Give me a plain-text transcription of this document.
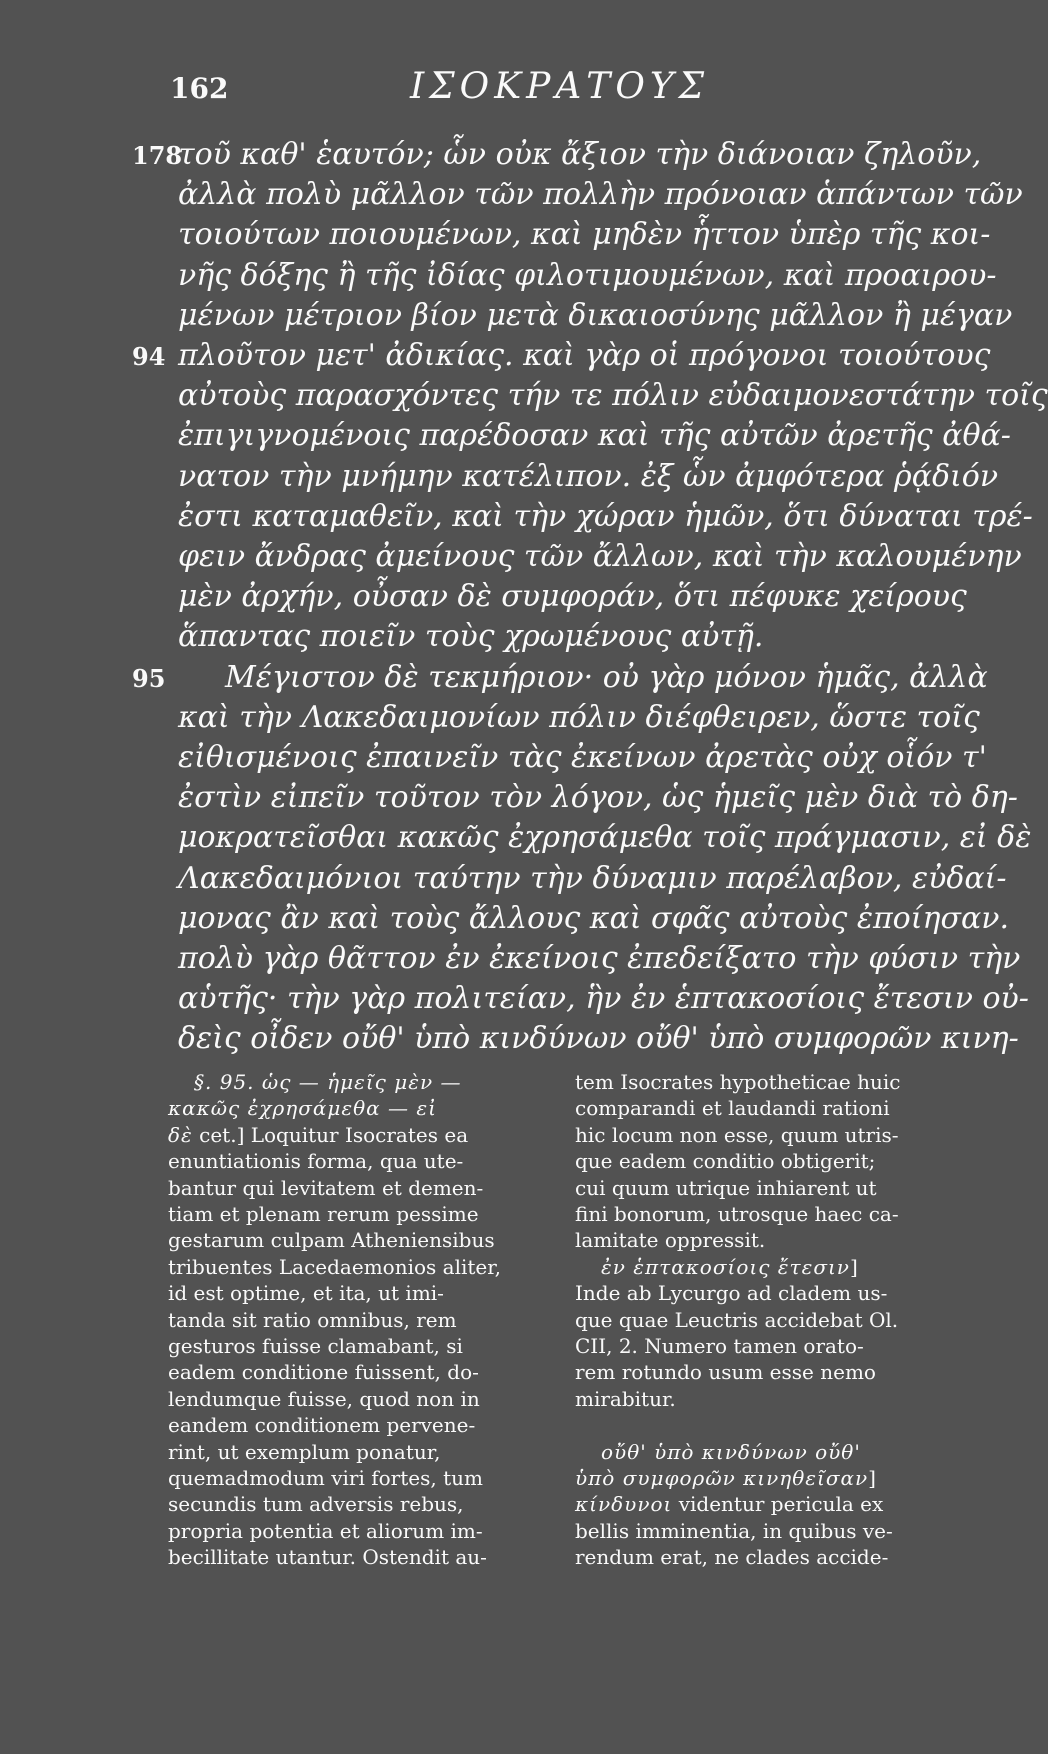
162	ΙΣΟΚΡΑΤΟΥΣ
178
τοῦ καθ' ἑαυτόν; ὧν οὐκ ἄξιον τὴν διάνοιαν ζηλοῦν,
ἀλλὰ πολὺ μᾶλλον τῶν πολλὴν πρόνοιαν ἁπάντων τῶν
τοιούτων ποιουμένων, καὶ μηδὲν ἧττον ὑπὲρ τῆς κοι-
νῆς δόξης ἢ τῆς ἰδίας φιλοτιμουμένων, καὶ προαιρου-
μένων μέτριον βίον μετὰ δικαιοσύνης μᾶλλον ἢ μέγαν
94 πλοῦτον μετ' ἀδικίας. καὶ γὰρ οἱ πρόγονοι τοιούτους
αὐτοὺς παρασχόντες τήν τε πόλιν εὐδαιμονεστάτην τοῖς
ἐπιγιγνομένοις παρέδοσαν καὶ τῆς αὐτῶν ἀρετῆς ἀθά-
νατον τὴν μνήμην κατέλιπον. ἐξ ὧν ἀμφότερα ῥᾴδιόν
ἐστι καταμαθεῖν, καὶ τὴν χώραν ἡμῶν, ὅτι δύναται τρέ-
φειν ἄνδρας ἀμείνους τῶν ἄλλων, καὶ τὴν καλουμένην
μὲν ἀρχήν, οὖσαν δὲ συμφοράν, ὅτι πέφυκε χείρους
ἅπαντας ποιεῖν τοὺς χρωμένους αὐτῇ.
95 Μέγιστον δὲ τεκμήριον· οὐ γὰρ μόνον ἡμᾶς, ἀλλὰ
καὶ τὴν Λακεδαιμονίων πόλιν διέφθειρεν, ὥστε τοῖς
εἰθισμένοις ἐπαινεῖν τὰς ἐκείνων ἀρετὰς οὐχ οἷόν τ'
ἐστὶν εἰπεῖν τοῦτον τὸν λόγον, ὡς ἡμεῖς μὲν διὰ τὸ δη-
μοκρατεῖσθαι κακῶς ἐχρησάμεθα τοῖς πράγμασιν, εἰ δὲ
Λακεδαιμόνιοι ταύτην τὴν δύναμιν παρέλαβον, εὐδαί-
μονας ἂν καὶ τοὺς ἄλλους καὶ σφᾶς αὐτοὺς ἐποίησαν.
πολὺ γὰρ θᾶττον ἐν ἐκείνοις ἐπεδείξατο τὴν φύσιν τὴν
αὑτῆς· τὴν γὰρ πολιτείαν, ἣν ἐν ἑπτακοσίοις ἔτεσιν οὐ-
δεὶς οἶδεν οὔθ' ὑπὸ κινδύνων οὔθ' ὑπὸ συμφορῶν κινη-
§. 95. ὡς — ἡμεῖς μὲν —
κακῶς ἐχρησάμεθα — εἰ
δὲ cet.] Loquitur Isocrates ea
enuntiationis forma, qua ute-
bantur qui levitatem et demen-
tiam et plenam rerum pessime
gestarum culpam Atheniensibus
tribuentes Lacedaemonios aliter,
id est optime, et ita, ut imi-
tanda sit ratio omnibus, rem
gesturos fuisse clamabant, si
eadem conditione fuissent, do-
lendumque fuisse, quod non in
eandem conditionem pervene-
rint, ut exemplum ponatur,
quemadmodum viri fortes, tum
secundis tum adversis rebus,
propria potentia et aliorum im-
becillitate utantur. Ostendit au-
tem Isocrates hypotheticae huic
comparandi et laudandi rationi
hic locum non esse, quum utris-
que eadem conditio obtigerit;
cui quum utrique inhiarent ut
fini bonorum, utrosque haec ca-
lamitate oppressit.
ἐν ἑπτακοσίοις ἔτεσιν]
Inde ab Lycurgo ad cladem us-
que quae Leuctris accidebat Ol.
CII, 2. Numero tamen orato-
rem rotundo usum esse nemo
mirabitur.
οὔθ' ὑπὸ κινδύνων οὔθ'
ὑπὸ συμφορῶν κινηθεῖσαν]
κίνδυνοι videntur pericula ex
bellis imminentia, in quibus ve-
rendum erat, ne clades accide-
